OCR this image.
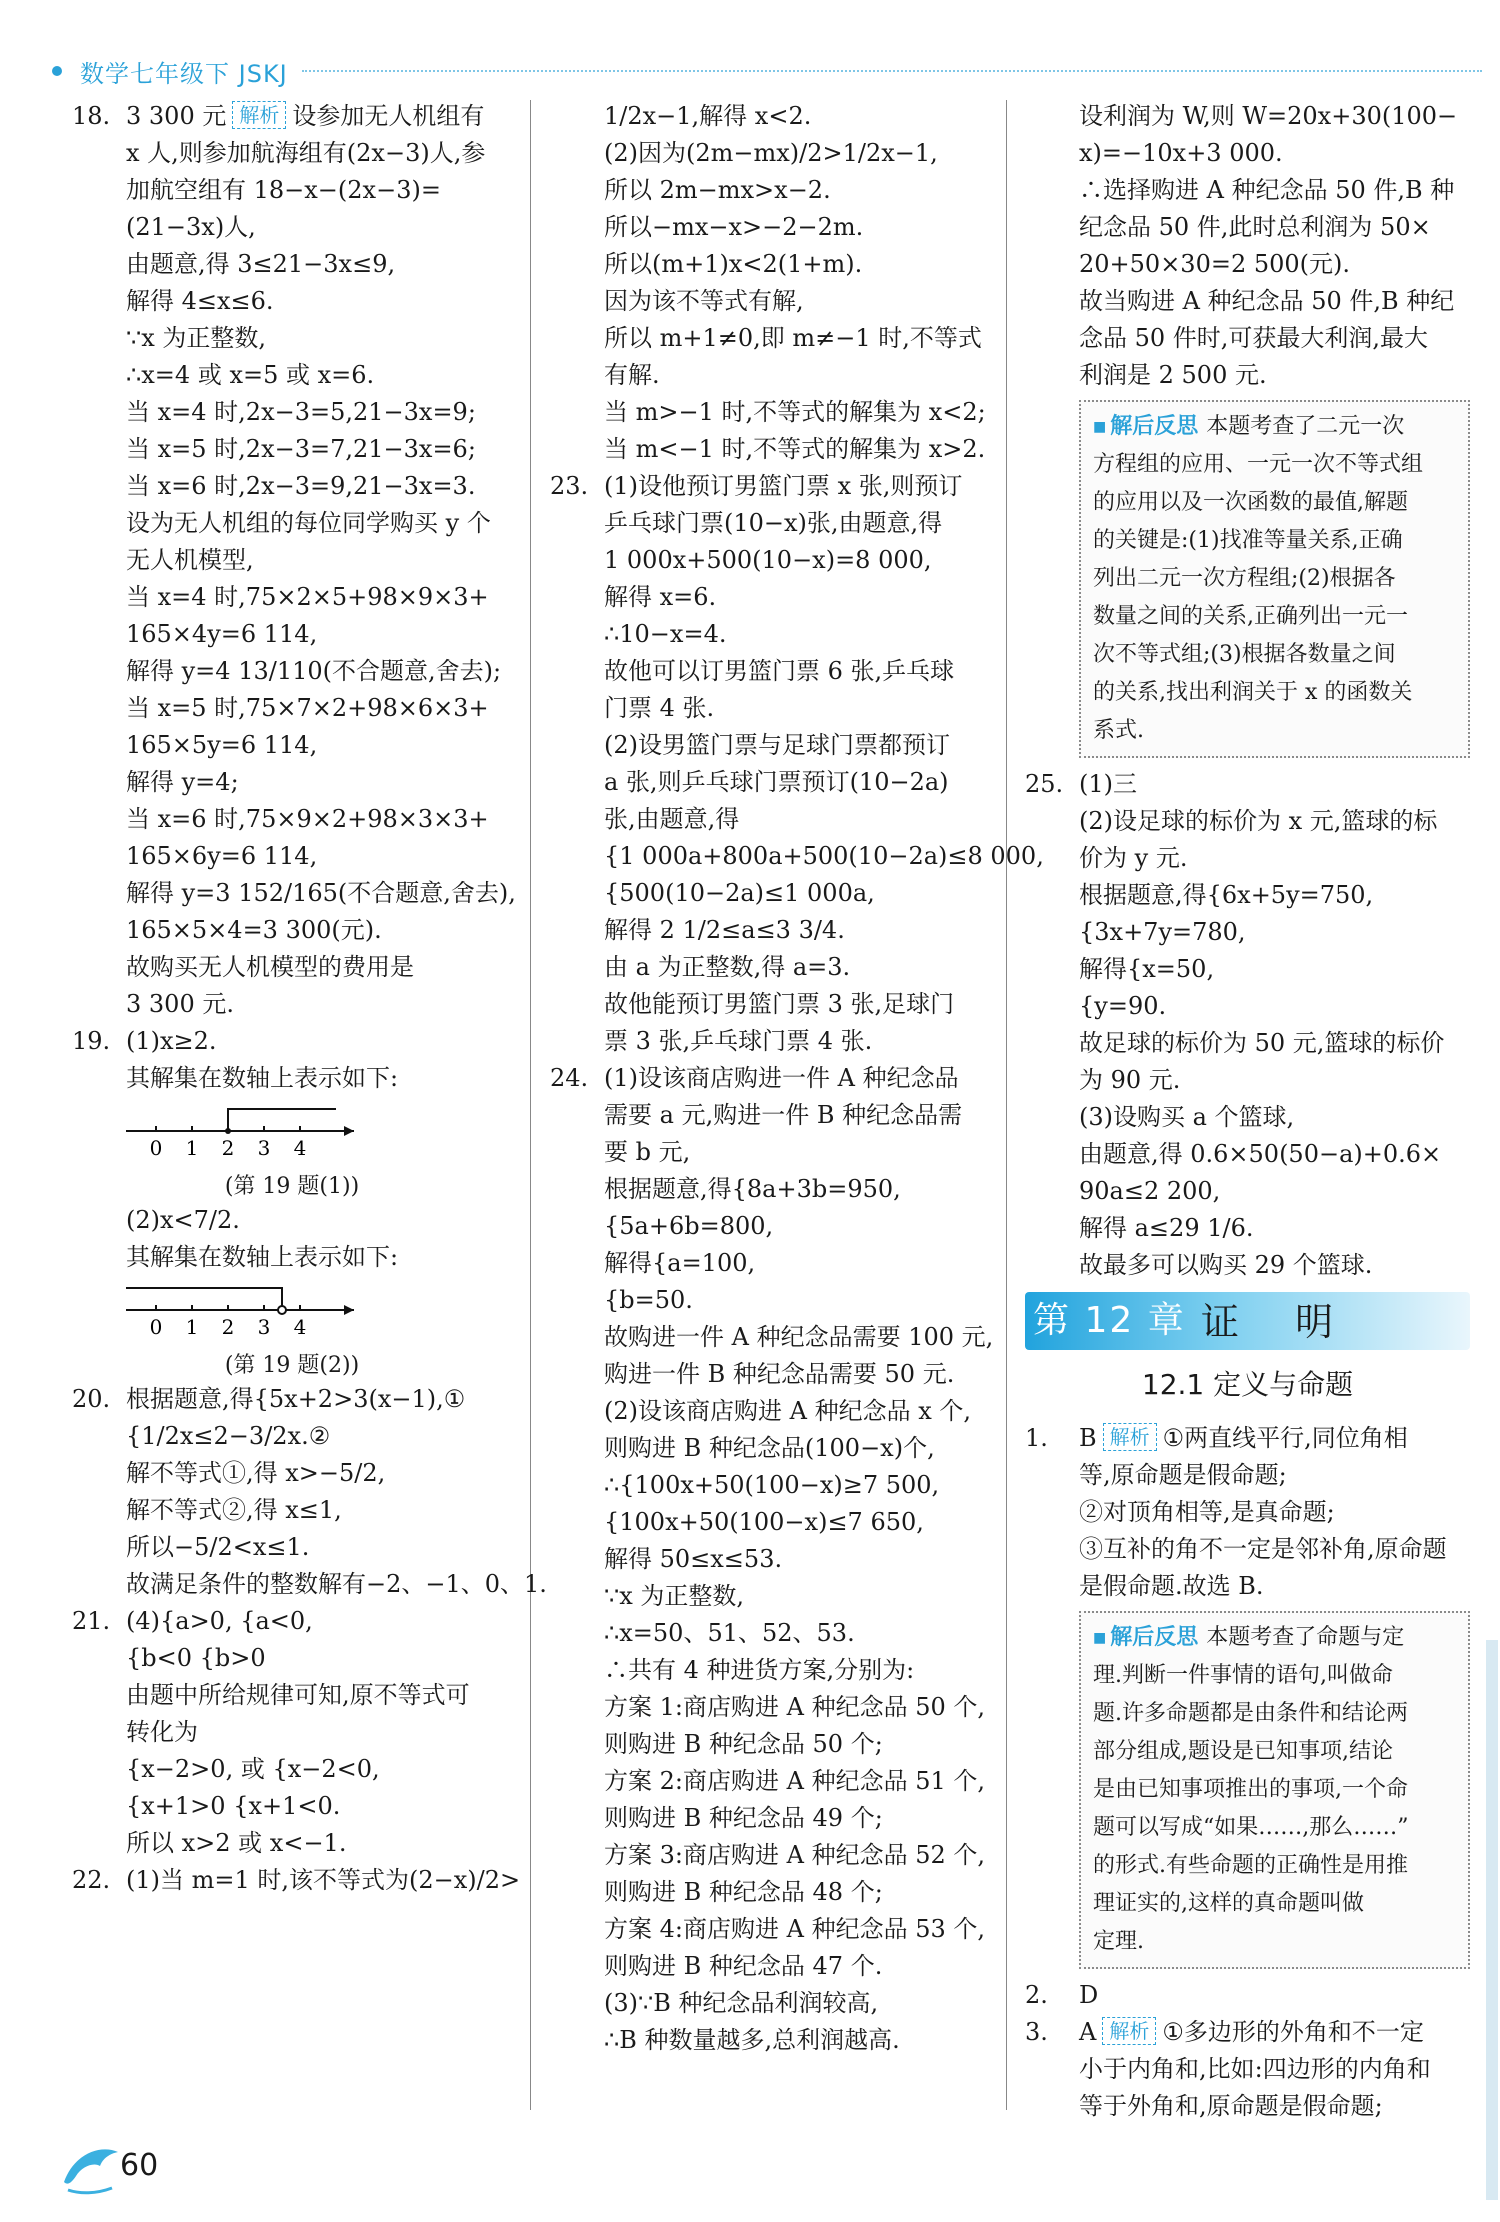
数学七年级下 JSKJ
18. 3 300 元 解析 设参加无人机组有
x 人,则参加航海组有(2x−3)人,参
加航空组有 18−x−(2x−3)=
(21−3x)人,
由题意,得 3≤21−3x≤9,
解得 4≤x≤6.
∵x 为正整数,
∴x=4 或 x=5 或 x=6.
当 x=4 时,2x−3=5,21−3x=9;
当 x=5 时,2x−3=7,21−3x=6;
当 x=6 时,2x−3=9,21−3x=3.
设为无人机组的每位同学购买 y 个
无人机模型,
当 x=4 时,75×2×5+98×9×3+
165×4y=6 114,
解得 y=4 13/110(不合题意,舍去);
当 x=5 时,75×7×2+98×6×3+
165×5y=6 114,
解得 y=4;
当 x=6 时,75×9×2+98×3×3+
165×6y=6 114,
解得 y=3 152/165(不合题意,舍去),
165×5×4=3 300(元).
故购买无人机模型的费用是
3 300 元.
19. (1)x≥2.
其解集在数轴上表示如下:
0 1 2 3 4
(第 19 题(1))
(2)x<7/2.
其解集在数轴上表示如下:
0 1 2 3 4
(第 19 题(2))
20. 根据题意,得{5x+2>3(x−1),①
{1/2x≤2−3/2x.②
解不等式①,得 x>−5/2,
解不等式②,得 x≤1,
所以−5/2<x≤1.
故满足条件的整数解有−2、−1、0、1.
21. (4){a>0, {a<0,
{b<0 {b>0
由题中所给规律可知,原不等式可
转化为
{x−2>0, 或 {x−2<0,
{x+1>0 {x+1<0.
所以 x>2 或 x<−1.
22. (1)当 m=1 时,该不等式为(2−x)/2>
1/2x−1,解得 x<2.
(2)因为(2m−mx)/2>1/2x−1,
所以 2m−mx>x−2.
所以−mx−x>−2−2m.
所以(m+1)x<2(1+m).
因为该不等式有解,
所以 m+1≠0,即 m≠−1 时,不等式
有解.
当 m>−1 时,不等式的解集为 x<2;
当 m<−1 时,不等式的解集为 x>2.
23. (1)设他预订男篮门票 x 张,则预订
乒乓球门票(10−x)张,由题意,得
1 000x+500(10−x)=8 000,
解得 x=6.
∴10−x=4.
故他可以订男篮门票 6 张,乒乓球
门票 4 张.
(2)设男篮门票与足球门票都预订
a 张,则乒乓球门票预订(10−2a)
张,由题意,得
{1 000a+800a+500(10−2a)≤8 000,
{500(10−2a)≤1 000a,
解得 2 1/2≤a≤3 3/4.
由 a 为正整数,得 a=3.
故他能预订男篮门票 3 张,足球门
票 3 张,乒乓球门票 4 张.
24. (1)设该商店购进一件 A 种纪念品
需要 a 元,购进一件 B 种纪念品需
要 b 元,
根据题意,得{8a+3b=950,
{5a+6b=800,
解得{a=100,
{b=50.
故购进一件 A 种纪念品需要 100 元,
购进一件 B 种纪念品需要 50 元.
(2)设该商店购进 A 种纪念品 x 个,
则购进 B 种纪念品(100−x)个,
∴{100x+50(100−x)≥7 500,
{100x+50(100−x)≤7 650,
解得 50≤x≤53.
∵x 为正整数,
∴x=50、51、52、53.
∴共有 4 种进货方案,分别为:
方案 1:商店购进 A 种纪念品 50 个,
则购进 B 种纪念品 50 个;
方案 2:商店购进 A 种纪念品 51 个,
则购进 B 种纪念品 49 个;
方案 3:商店购进 A 种纪念品 52 个,
则购进 B 种纪念品 48 个;
方案 4:商店购进 A 种纪念品 53 个,
则购进 B 种纪念品 47 个.
(3)∵B 种纪念品利润较高,
∴B 种数量越多,总利润越高.
设利润为 W,则 W=20x+30(100−
x)=−10x+3 000.
∴选择购进 A 种纪念品 50 件,B 种
纪念品 50 件,此时总利润为 50×
20+50×30=2 500(元).
故当购进 A 种纪念品 50 件,B 种纪
念品 50 件时,可获最大利润,最大
利润是 2 500 元.
■ 解后反思 本题考查了二元一次
方程组的应用、一元一次不等式组
的应用以及一次函数的最值,解题
的关键是:(1)找准等量关系,正确
列出二元一次方程组;(2)根据各
数量之间的关系,正确列出一元一
次不等式组;(3)根据各数量之间
的关系,找出利润关于 x 的函数关
系式.
25. (1)三
(2)设足球的标价为 x 元,篮球的标
价为 y 元.
根据题意,得{6x+5y=750,
{3x+7y=780,
解得{x=50,
{y=90.
故足球的标价为 50 元,篮球的标价
为 90 元.
(3)设购买 a 个篮球,
由题意,得 0.6×50(50−a)+0.6×
90a≤2 200,
解得 a≤29 1/6.
故最多可以购买 29 个篮球.
第 12 章 证 明
12.1 定义与命题
1. B 解析 ①两直线平行,同位角相
等,原命题是假命题;
②对顶角相等,是真命题;
③互补的角不一定是邻补角,原命题
是假命题.故选 B.
■ 解后反思 本题考查了命题与定
理.判断一件事情的语句,叫做命
题.许多命题都是由条件和结论两
部分组成,题设是已知事项,结论
是由已知事项推出的事项,一个命
题可以写成“如果……,那么……”
的形式.有些命题的正确性是用推
理证实的,这样的真命题叫做
定理.
2. D
3. A 解析 ①多边形的外角和不一定
小于内角和,比如:四边形的内角和
等于外角和,原命题是假命题;
60
